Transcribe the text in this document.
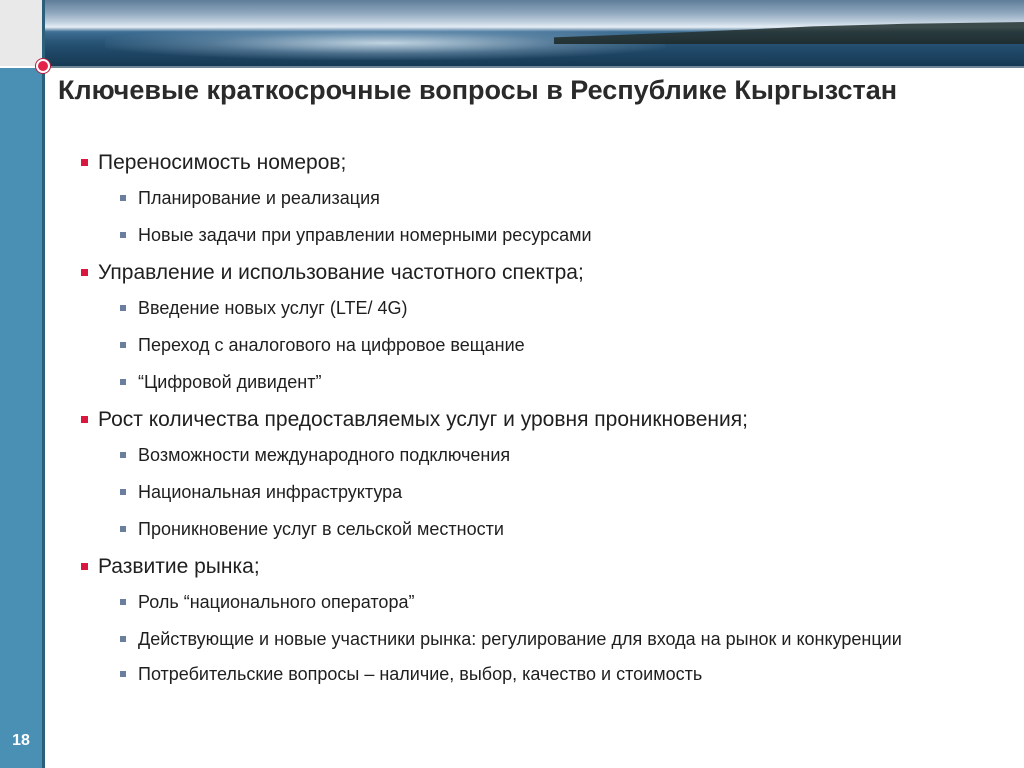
Ключевые краткосрочные вопросы в Республике Кыргызстан
Переносимость номеров;
Планирование и реализация
Новые задачи при управлении номерными ресурсами
Управление и использование частотного спектра;
Введение новых услуг (LTE/ 4G)
Переход с аналогового на цифровое вещание
“Цифровой дивидент”
Рост количества предоставляемых услуг и уровня проникновения;
Возможности международного подключения
Национальная инфраструктура
Проникновение услуг в сельской местности
Развитие рынка;
Роль “национального оператора”
Действующие и новые участники рынка: регулирование для входа на рынок и конкуренции
Потребительские вопросы – наличие, выбор, качество и стоимость
18
